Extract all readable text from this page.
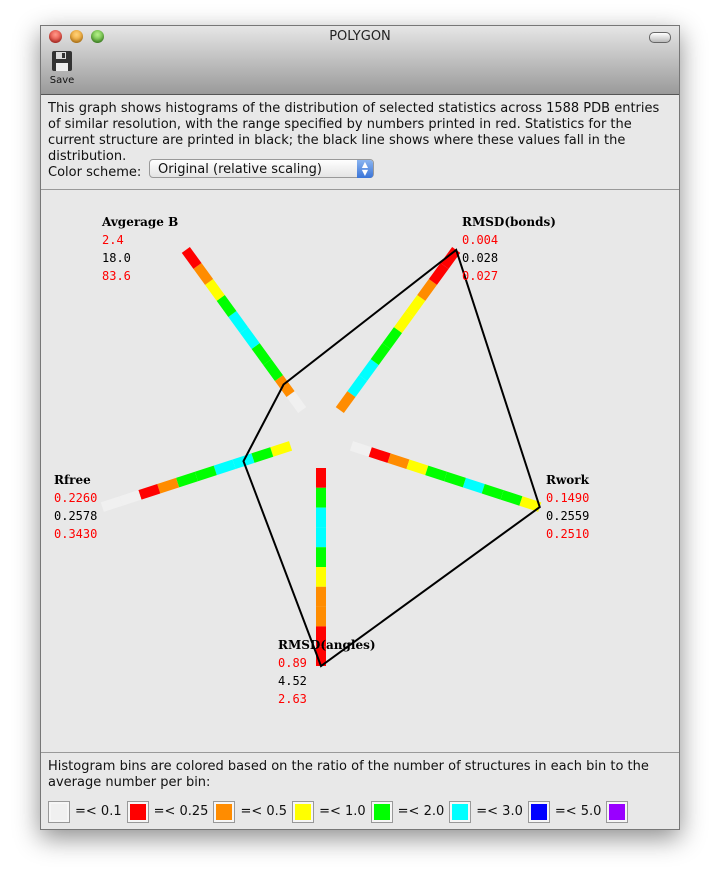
POLYGON
Save

This graph shows histograms of the distribution of selected statistics across 1588 PDB entries of similar resolution, with the range specified by numbers printed in red. Statistics for the current structure are printed in black; the black line shows where these values fall in the distribution.

Color scheme:	Original (relative scaling)	▲
▼
Avgerage B
2.4
18.0
83.6
RMSD(bonds)
0.004
0.028
0.027
Rwork
0.1490
0.2559
0.2510
RMSD(angles)
0.89
4.52
2.63
Rfree
0.2260
0.2578
0.3430

Histogram bins are colored based on the ratio of the number of structures in each bin to the average number per bin:

=< 0.1 =< 0.25 =< 0.5 =< 1.0 =< 2.0 =< 3.0 =< 5.0
